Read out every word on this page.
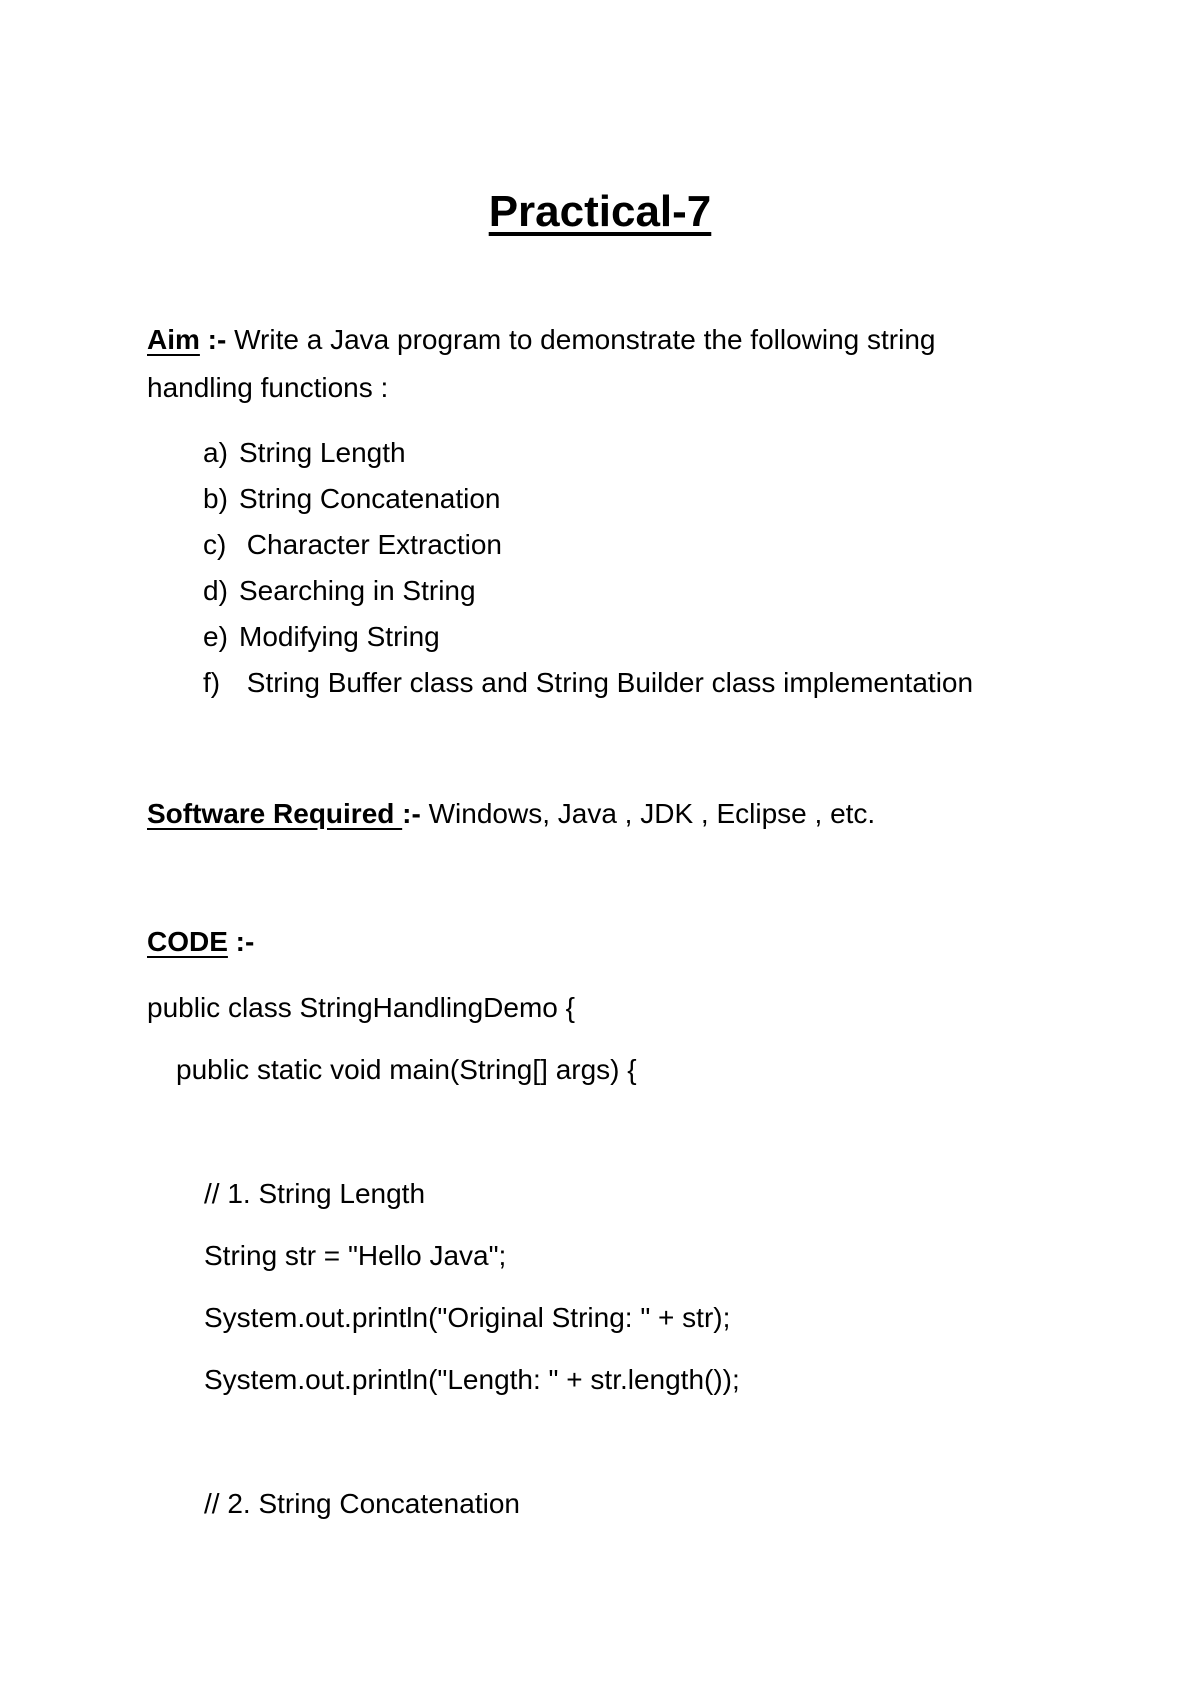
Practical-7
Aim :- Write a Java program to demonstrate the following string
handling functions :
a) String Length
b) String Concatenation
c) Character Extraction
d) Searching in String
e) Modifying String
f) String Buffer class and String Builder class implementation
Software Required :- Windows, Java , JDK , Eclipse , etc.
CODE :-
public class StringHandlingDemo {
public static void main(String[] args) {
// 1. String Length
String str = "Hello Java";
System.out.println("Original String: " + str);
System.out.println("Length: " + str.length());
// 2. String Concatenation
